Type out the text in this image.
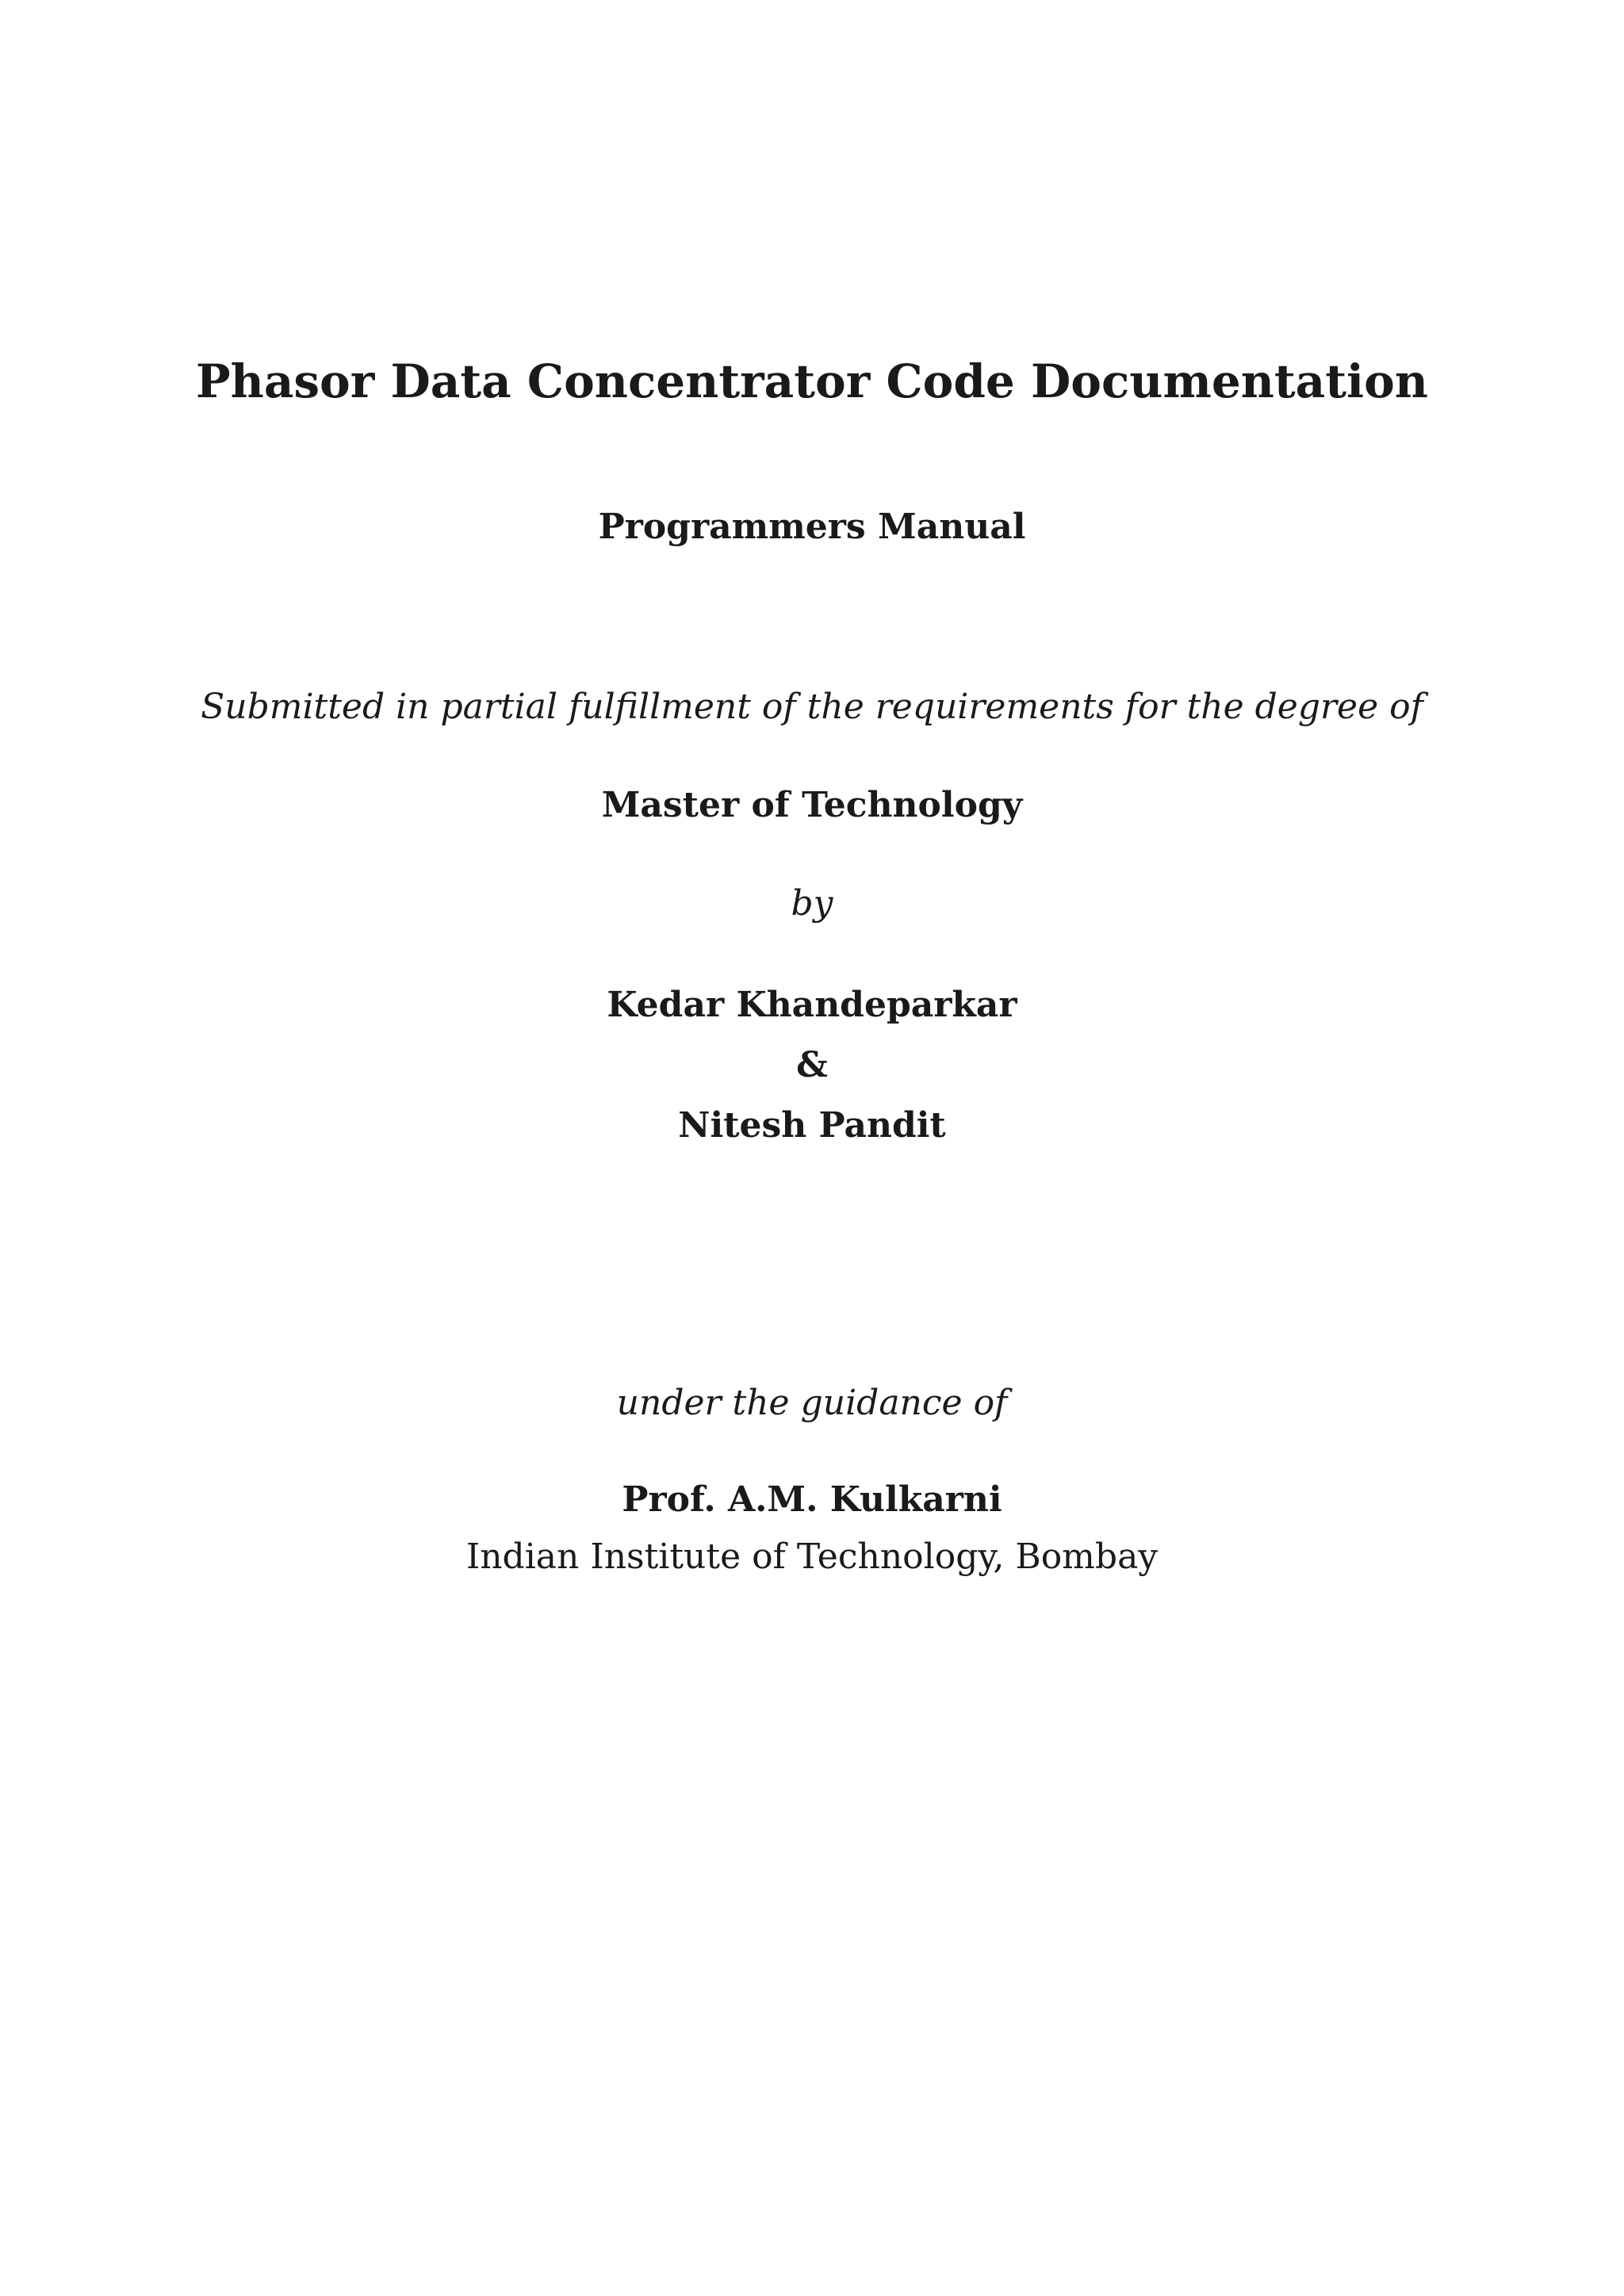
Phasor Data Concentrator Code Documentation
Programmers Manual
Submitted in partial fulfillment of the requirements for the degree of
Master of Technology
by
Kedar Khandeparkar
&
Nitesh Pandit
under the guidance of
Prof. A.M. Kulkarni
Indian Institute of Technology, Bombay
